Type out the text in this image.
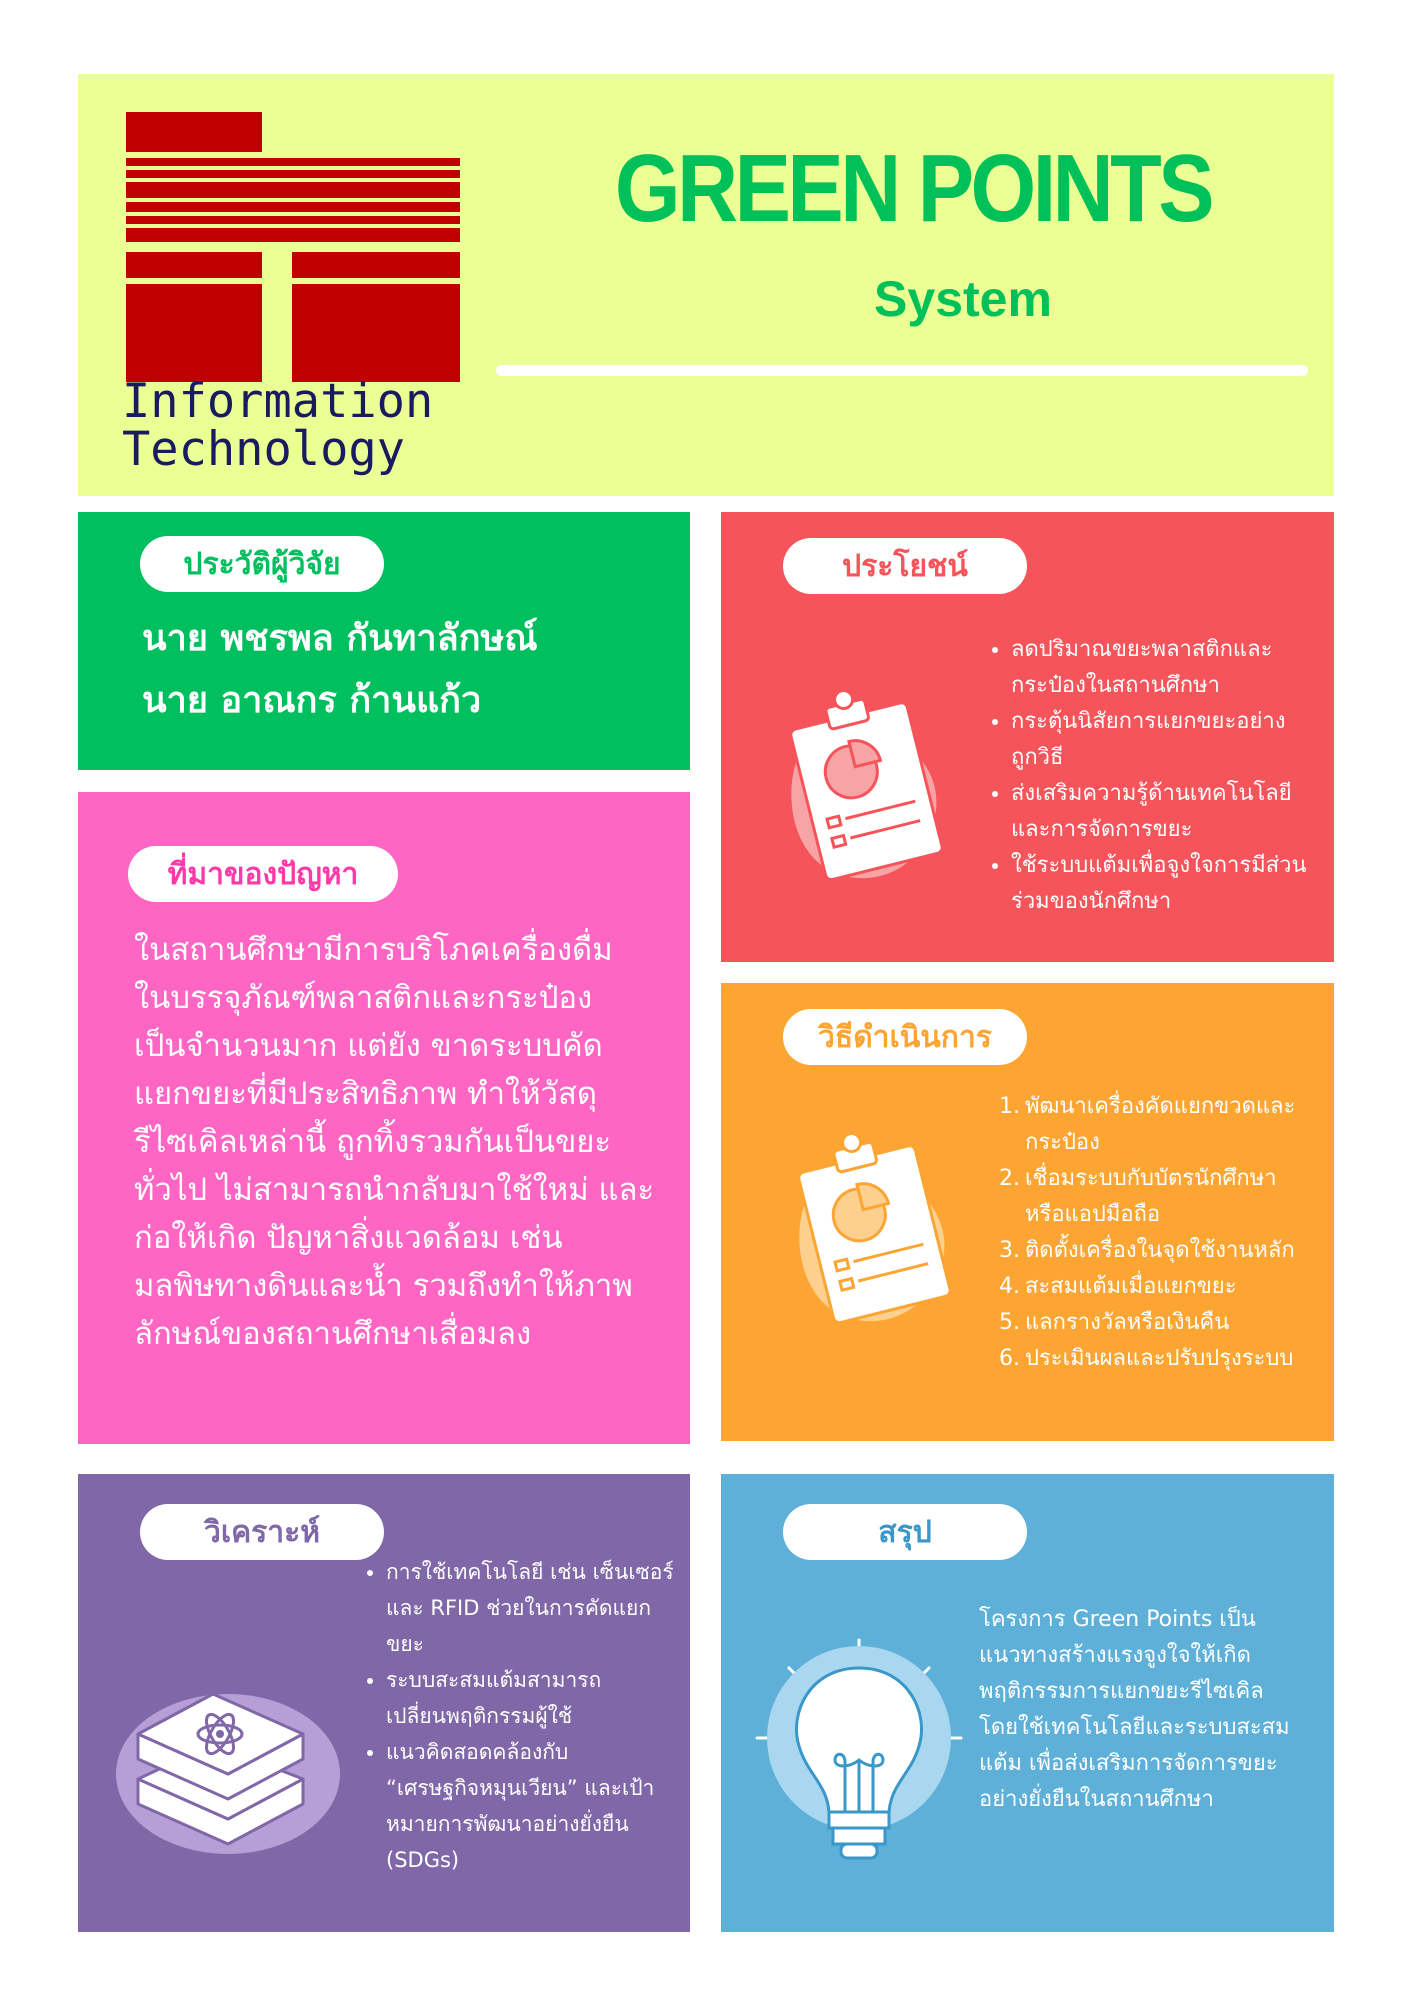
Information
Technology
GREEN POINTS
System
ประวัติผู้วิจัย
นาย พชรพล กันทาลักษณ์
นาย อาณกร ก้านแก้ว
ที่มาของปัญหา
ในสถานศึกษามีการบริโภคเครื่องดื่ม
ในบรรจุภัณฑ์พลาสติกและกระป๋อง
เป็นจำนวนมาก แต่ยัง ขาดระบบคัด
แยกขยะที่มีประสิทธิภาพ ทำให้วัสดุ
รีไซเคิลเหล่านี้ ถูกทิ้งรวมกันเป็นขยะ
ทั่วไป ไม่สามารถนำกลับมาใช้ใหม่ และ
ก่อให้เกิด ปัญหาสิ่งแวดล้อม เช่น
มลพิษทางดินและน้ำ รวมถึงทำให้ภาพ
ลักษณ์ของสถานศึกษาเสื่อมลง
ประโยชน์
• ลดปริมาณขยะพลาสติกและ
กระป๋องในสถานศึกษา
• กระตุ้นนิสัยการแยกขยะอย่าง
ถูกวิธี
• ส่งเสริมความรู้ด้านเทคโนโลยี
และการจัดการขยะ
• ใช้ระบบแต้มเพื่อจูงใจการมีส่วน
ร่วมของนักศึกษา
วิธีดำเนินการ
1. พัฒนาเครื่องคัดแยกขวดและ
กระป๋อง
2. เชื่อมระบบกับบัตรนักศึกษา
หรือแอปมือถือ
3. ติดตั้งเครื่องในจุดใช้งานหลัก
4. สะสมแต้มเมื่อแยกขยะ
5. แลกรางวัลหรือเงินคืน
6. ประเมินผลและปรับปรุงระบบ
วิเคราะห์
• การใช้เทคโนโลยี เช่น เซ็นเซอร์
และ RFID ช่วยในการคัดแยก
ขยะ
• ระบบสะสมแต้มสามารถ
เปลี่ยนพฤติกรรมผู้ใช้
• แนวคิดสอดคล้องกับ
“เศรษฐกิจหมุนเวียน” และเป้า
หมายการพัฒนาอย่างยั่งยืน
(SDGs)
สรุป
โครงการ Green Points เป็น
แนวทางสร้างแรงจูงใจให้เกิด
พฤติกรรมการแยกขยะรีไซเคิล
โดยใช้เทคโนโลยีและระบบสะสม
แต้ม เพื่อส่งเสริมการจัดการขยะ
อย่างยั่งยืนในสถานศึกษา
